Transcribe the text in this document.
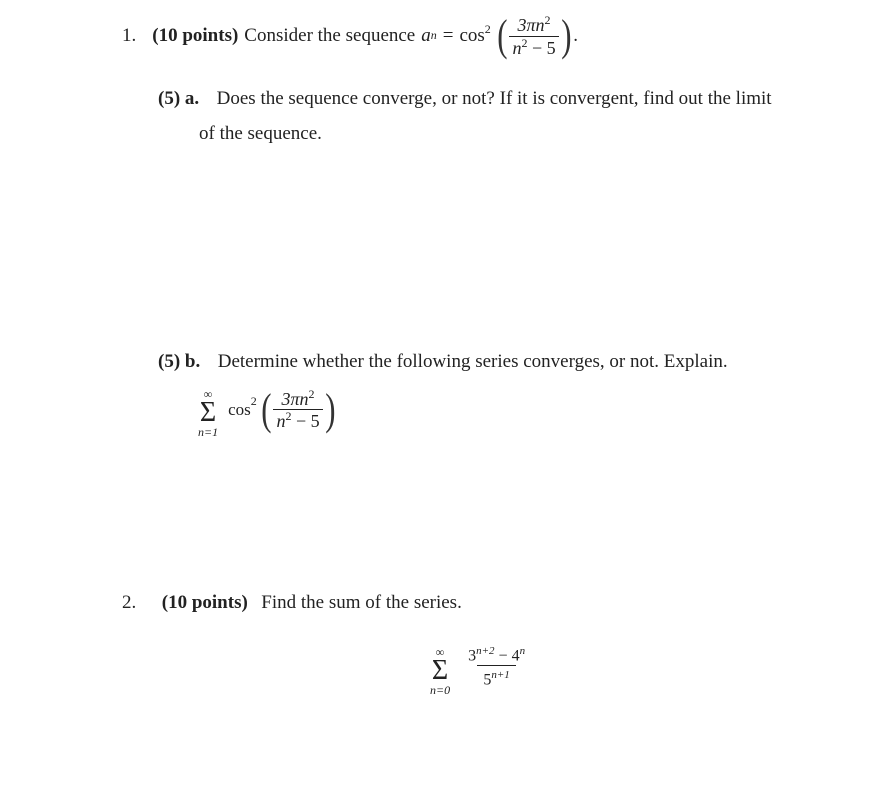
1. (10 points) Consider the sequence a $n = \cos^2$ ( $\frac{3\pi n^2}{n^2 - 5}$ ) .
(5) a. Does the sequence converge, or not? If it is convergent, find out the limit
of the sequence.
(5) b. Determine whether the following series converges, or not. Explain.
∞
Σ
n=1
$\cos^2$ ( $\frac{3\pi n^2}{n^2 - 5}$ )
2. (10 points) Find the sum of the series.
∞
Σ
n=0
$\frac{3^{n+2} - 4^n}{5^{n+1}}$
